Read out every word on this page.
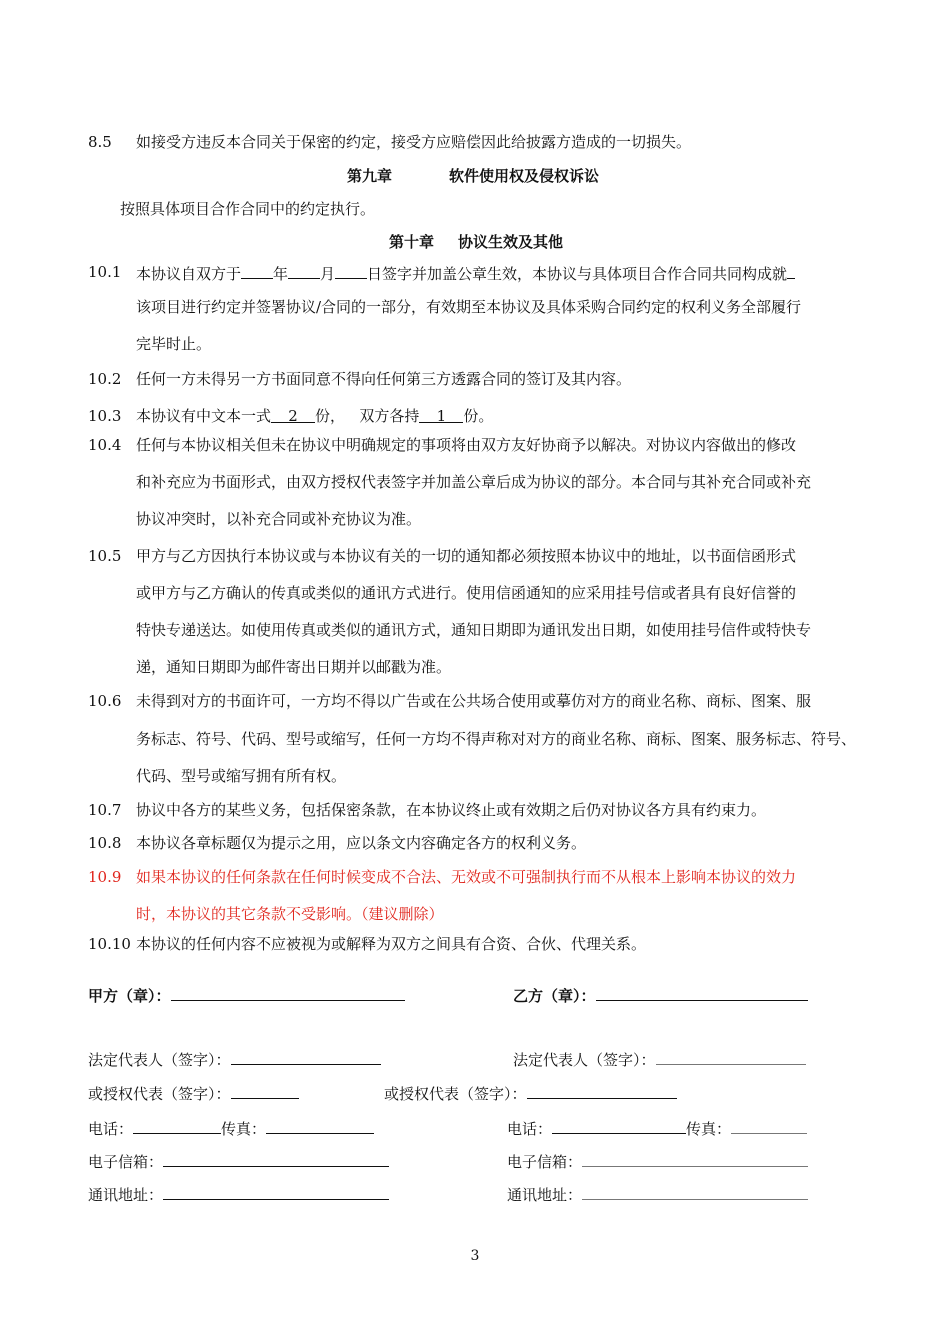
8.5 如接受方违反本合同关于保密的约定，接受方应赔偿因此给披露方造成的一切损失。
第九章	软件使用权及侵权诉讼
按照具体项目合作合同中的约定执行。
第十章 协议生效及其他
10.1 本协议自双方于 年 月 日签字并加盖公章生效，本协议与具体项目合作合同共同构成就
该项目进行约定并签署协议/合同的一部分，有效期至本协议及具体采购合同约定的权利义务全部履行
完毕时止。
10.2 任何一方未得另一方书面同意不得向任何第三方透露合同的签订及其内容。
10.3 本协议有中文本一式 2 份， 双方各持 1 份。
10.4 任何与本协议相关但未在协议中明确规定的事项将由双方友好协商予以解决。对协议内容做出的修改
和补充应为书面形式，由双方授权代表签字并加盖公章后成为协议的部分。本合同与其补充合同或补充
协议冲突时，以补充合同或补充协议为准。
10.5 甲方与乙方因执行本协议或与本协议有关的一切的通知都必须按照本协议中的地址，以书面信函形式
或甲方与乙方确认的传真或类似的通讯方式进行。使用信函通知的应采用挂号信或者具有良好信誉的
特快专递送达。如使用传真或类似的通讯方式，通知日期即为通讯发出日期，如使用挂号信件或特快专
递，通知日期即为邮件寄出日期并以邮戳为准。
10.6 未得到对方的书面许可，一方均不得以广告或在公共场合使用或摹仿对方的商业名称、商标、图案、服
务标志、符号、代码、型号或缩写，任何一方均不得声称对对方的商业名称、商标、图案、服务标志、符号、
代码、型号或缩写拥有所有权。
10.7 协议中各方的某些义务，包括保密条款，在本协议终止或有效期之后仍对协议各方具有约束力。
10.8 本协议各章标题仅为提示之用，应以条文内容确定各方的权利义务。
10.9 如果本协议的任何条款在任何时候变成不合法、无效或不可强制执行而不从根本上影响本协议的效力
时，本协议的其它条款不受影响。（建议删除）
10.10 本协议的任何内容不应被视为或解释为双方之间具有合资、合伙、代理关系。
甲方（章）：	乙方（章）：
法定代表人（签字）：	法定代表人（签字）：
或授权代表（签字）：	或授权代表（签字）：
电话：	传真：	电话：	传真：
电子信箱：	电子信箱：
通讯地址：	通讯地址：
3
